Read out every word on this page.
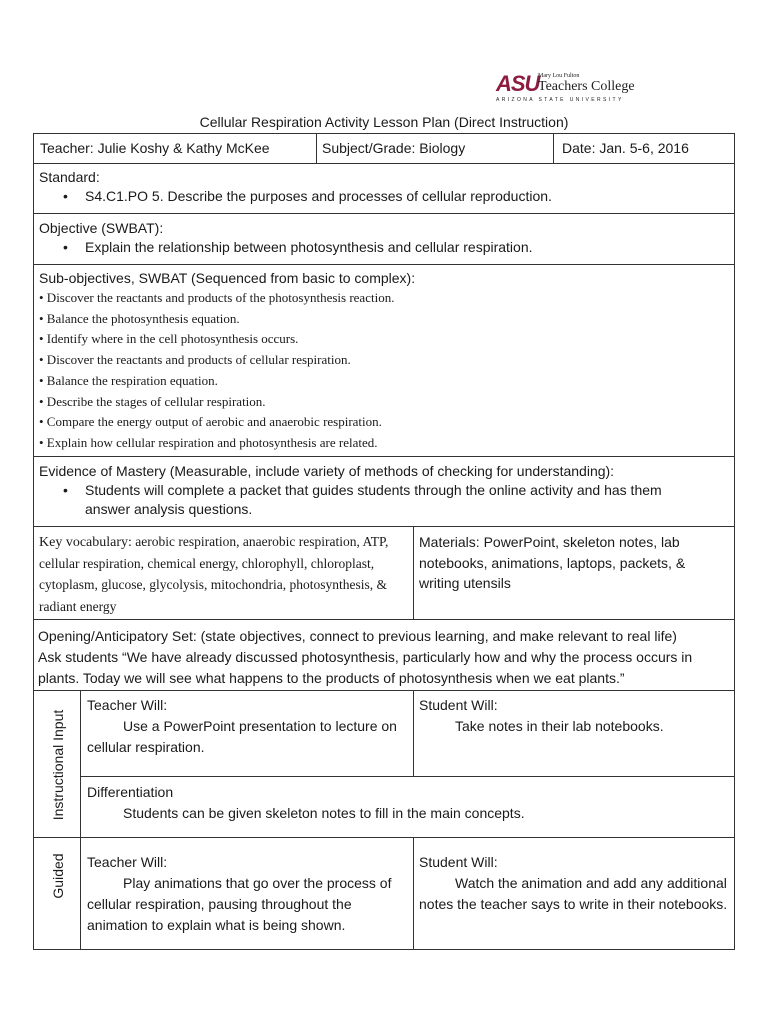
ASU
Mary Lou Fulton
Teachers College
ARIZONA STATE UNIVERSITY
Cellular Respiration Activity Lesson Plan (Direct Instruction)
Teacher: Julie Koshy & Kathy McKee	Subject/Grade: Biology	Date: Jan. 5-6, 2016
Standard:
• S4.C1.PO 5. Describe the purposes and processes of cellular reproduction.
Objective (SWBAT):
• Explain the relationship between photosynthesis and cellular respiration.
Sub-objectives, SWBAT (Sequenced from basic to complex):
• Discover the reactants and products of the photosynthesis reaction.
• Balance the photosynthesis equation.
• Identify where in the cell photosynthesis occurs.
• Discover the reactants and products of cellular respiration.
• Balance the respiration equation.
• Describe the stages of cellular respiration.
• Compare the energy output of aerobic and anaerobic respiration.
• Explain how cellular respiration and photosynthesis are related.
Evidence of Mastery (Measurable, include variety of methods of checking for understanding):
• Students will complete a packet that guides students through the online activity and has them answer analysis questions.
Key vocabulary: aerobic respiration, anaerobic respiration, ATP, cellular respiration, chemical energy, chlorophyll, chloroplast, cytoplasm, glucose, glycolysis, mitochondria, photosynthesis, & radiant energy
Materials: PowerPoint, skeleton notes, lab notebooks, animations, laptops, packets, & writing utensils
Opening/Anticipatory Set: (state objectives, connect to previous learning, and make relevant to real life)
Ask students “We have already discussed photosynthesis, particularly how and why the process occurs in plants. Today we will see what happens to the products of photosynthesis when we eat plants.”
Instructional Input
Teacher Will:
Use a PowerPoint presentation to lecture on cellular respiration.
Student Will:
Take notes in their lab notebooks.
Differentiation
Students can be given skeleton notes to fill in the main concepts.
Guided Teacher Will:
Play animations that go over the process of cellular respiration, pausing throughout the animation to explain what is being shown.
Student Will:
Watch the animation and add any additional notes the teacher says to write in their notebooks.
